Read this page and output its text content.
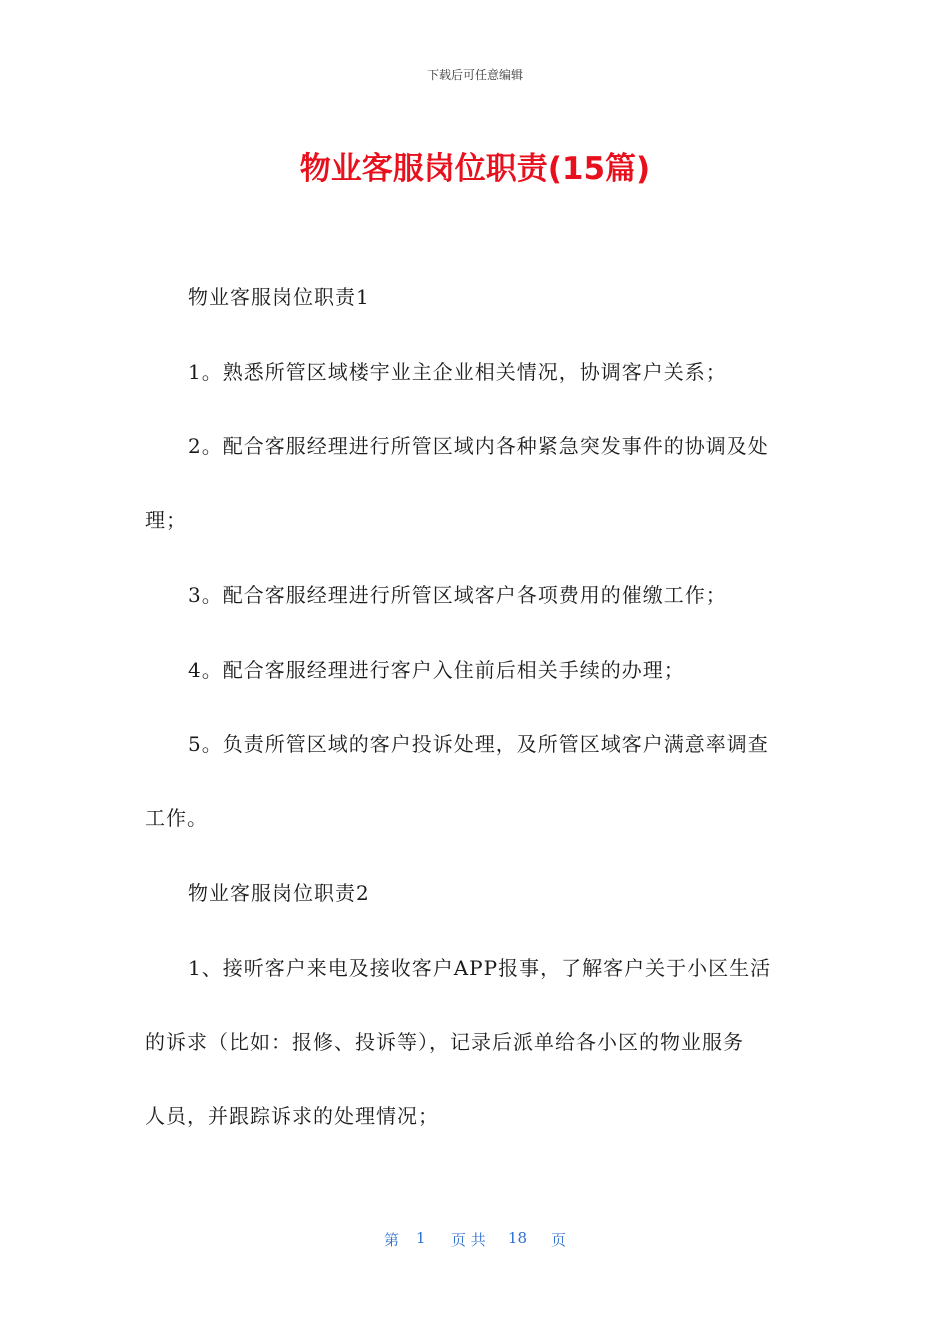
下载后可任意编辑
物业客服岗位职责(15篇)
物业客服岗位职责1
1。熟悉所管区域楼宇业主企业相关情况，协调客户关系；
2。配合客服经理进行所管区域内各种紧急突发事件的协调及处
理；
3。配合客服经理进行所管区域客户各项费用的催缴工作；
4。配合客服经理进行客户入住前后相关手续的办理；
5。负责所管区域的客户投诉处理，及所管区域客户满意率调查
工作。
物业客服岗位职责2
1、接听客户来电及接收客户APP报事，了解客户关于小区生活
的诉求（比如：报修、投诉等），记录后派单给各小区的物业服务
人员，并跟踪诉求的处理情况；
第 1 页 共 18 页
